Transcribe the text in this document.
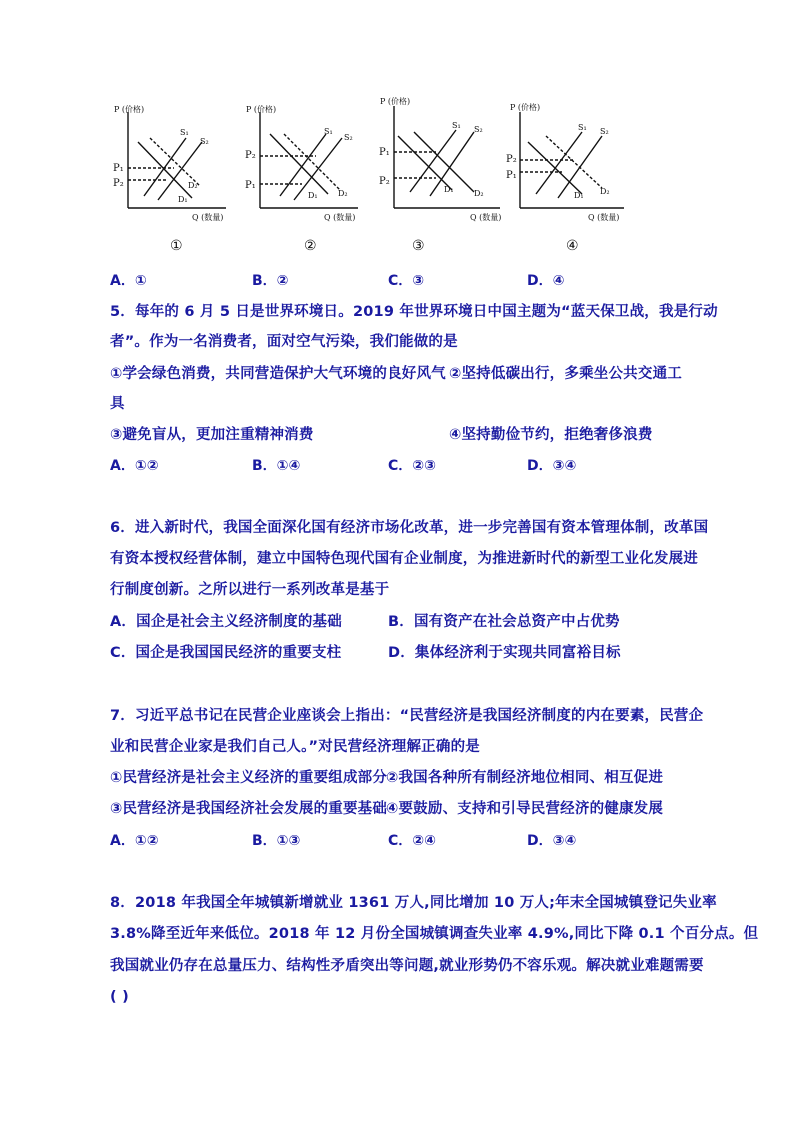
P (价格)
Q (数量)
P₁
P₂
S₁
S₂
D₂
D₁
①
P (价格)
Q (数量)
P₂
P₁
S₁
S₂
D₁	D₂
②
P (价格)
Q (数量)
P₁
P₂
S₁ S₂
D₁	D₂
③
P (价格)
Q (数量)
P₂
P₁
S₁ S₂
D₁ D₂
④
A．①	B．②	C．③	D．④
5．每年的 6 月 5 日是世界环境日。2019 年世界环境日中国主题为“蓝天保卫战，我是行动
者”。作为一名消费者，面对空气污染，我们能做的是
①学会绿色消费，共同营造保护大气环境的良好风气 ②坚持低碳出行，多乘坐公共交通工
具
③避免盲从，更加注重精神消费	④坚持勤俭节约，拒绝奢侈浪费
A．①②	B．①④	C．②③	D．③④
6．进入新时代，我国全面深化国有经济市场化改革，进一步完善国有资本管理体制，改革国
有资本授权经营体制，建立中国特色现代国有企业制度，为推进新时代的新型工业化发展进
行制度创新。之所以进行一系列改革是基于
A．国企是社会主义经济制度的基础	B．国有资产在社会总资产中占优势
C．国企是我国国民经济的重要支柱	D．集体经济利于实现共同富裕目标
7．习近平总书记在民营企业座谈会上指出：“民营经济是我国经济制度的内在要素，民营企
业和民营企业家是我们自己人。”对民营经济理解正确的是
①民营经济是社会主义经济的重要组成部分
②我国各种所有制经济地位相同、相互促进
③民营经济是我国经济社会发展的重要基础
④要鼓励、支持和引导民营经济的健康发展
A．①②	B．①③	C．②④	D．③④
8．2018 年我国全年城镇新增就业 1361 万人,同比增加 10 万人;年末全国城镇登记失业率
3.8%降至近年来低位。2018 年 12 月份全国城镇调查失业率 4.9%,同比下降 0.1 个百分点。但
我国就业仍存在总量压力、结构性矛盾突出等问题,就业形势仍不容乐观。解决就业难题需要
( )
